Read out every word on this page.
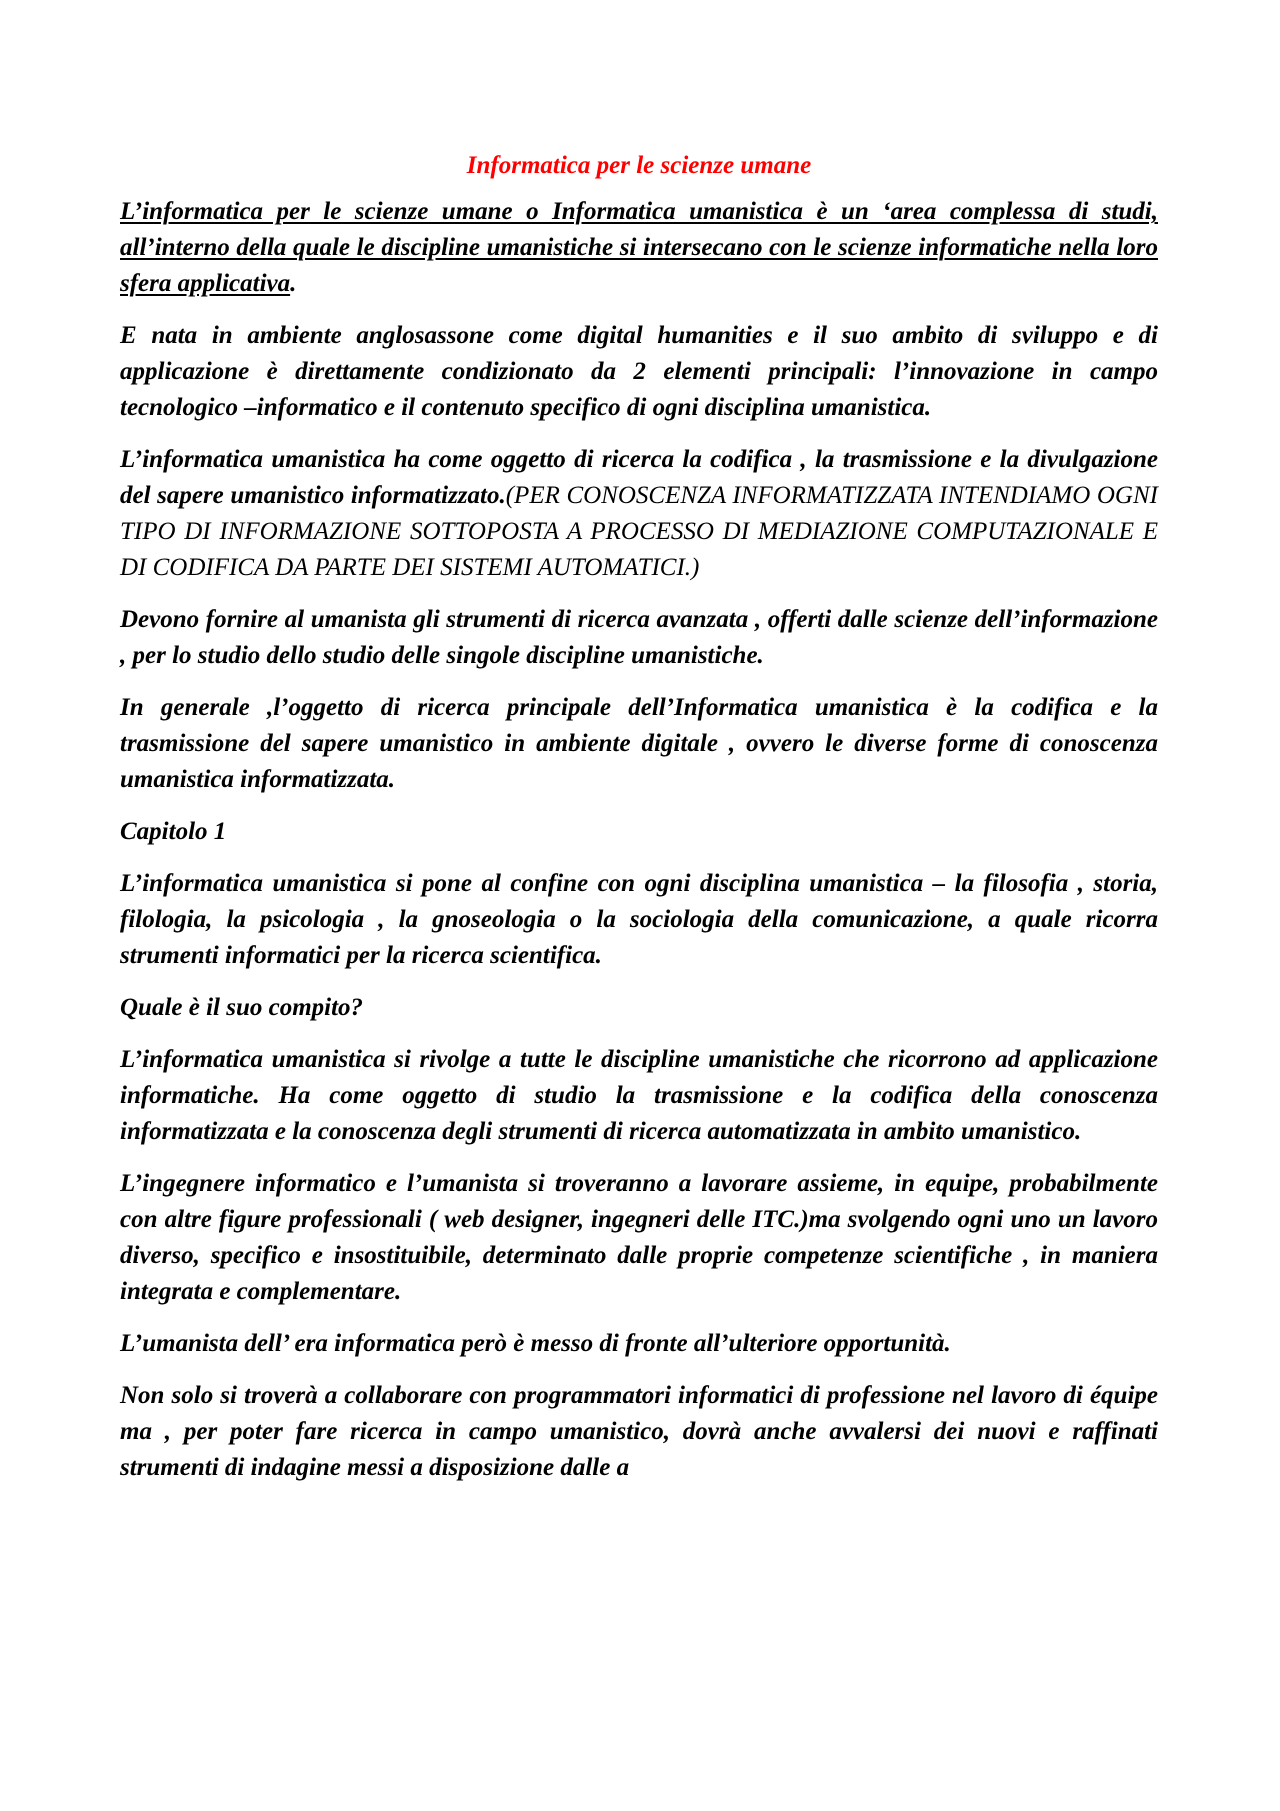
Informatica per le scienze umane

L’informatica per le scienze umane o Informatica umanistica è un ‘area complessa di studi, all’interno della quale le discipline umanistiche si intersecano con le scienze informatiche nella loro sfera applicativa.

E nata in ambiente anglosassone come digital humanities e il suo ambito di sviluppo e di applicazione è direttamente condizionato da 2 elementi principali: l’innovazione in campo tecnologico –informatico e il contenuto specifico di ogni disciplina umanistica.

L’informatica umanistica ha come oggetto di ricerca la codifica , la trasmissione e la divulgazione del sapere umanistico informatizzato.(PER CONOSCENZA INFORMATIZZATA INTENDIAMO OGNI TIPO DI INFORMAZIONE SOTTOPOSTA A PROCESSO DI MEDIAZIONE COMPUTAZIONALE E DI CODIFICA DA PARTE DEI SISTEMI AUTOMATICI.)

Devono fornire al umanista gli strumenti di ricerca avanzata , offerti dalle scienze dell’informazione , per lo studio dello studio delle singole discipline umanistiche.

In generale ,l’oggetto di ricerca principale dell’Informatica umanistica è la codifica e la trasmissione del sapere umanistico in ambiente digitale , ovvero le diverse forme di conoscenza umanistica informatizzata.

Capitolo 1

L’informatica umanistica si pone al confine con ogni disciplina umanistica – la filosofia , storia, filologia, la psicologia , la gnoseologia o la sociologia della comunicazione, a quale ricorra strumenti informatici per la ricerca scientifica.

Quale è il suo compito?

L’informatica umanistica si rivolge a tutte le discipline umanistiche che ricorrono ad applicazione informatiche. Ha come oggetto di studio la trasmissione e la codifica della conoscenza informatizzata e la conoscenza degli strumenti di ricerca automatizzata in ambito umanistico.

L’ingegnere informatico e l’umanista si troveranno a lavorare assieme, in equipe, probabilmente con altre figure professionali ( web designer, ingegneri delle ITC.)ma svolgendo ogni uno un lavoro diverso, specifico e insostituibile, determinato dalle proprie competenze scientifiche , in maniera integrata e complementare.

L’umanista dell’ era informatica però è messo di fronte all’ulteriore opportunità.

Non solo si troverà a collaborare con programmatori informatici di professione nel lavoro di équipe ma , per poter fare ricerca in campo umanistico, dovrà anche avvalersi dei nuovi e raffinati strumenti di indagine messi a disposizione dalle a
